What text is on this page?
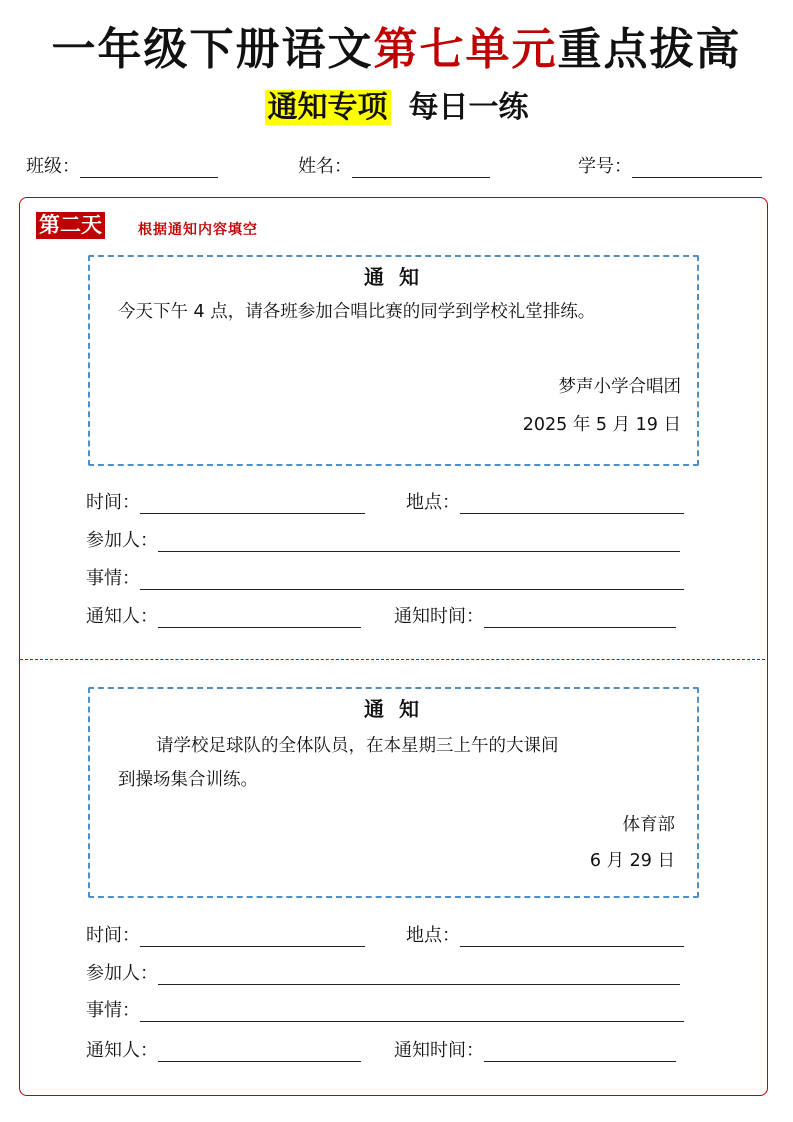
一年级下册语文第七单元重点拔高
通知专项 每日一练
班级：	姓名：	学号：
第二天	根据通知内容填空
通 知
今天下午 4 点，请各班参加合唱比赛的同学到学校礼堂排练。
梦声小学合唱团
2025 年 5 月 19 日
时间：	地点：
参加人：
事情：
通知人：	通知时间：
通 知
请学校足球队的全体队员，在本星期三上午的大课间
到操场集合训练。
体育部
6 月 29 日
时间：	地点：
参加人：
事情：
通知人：	通知时间：
